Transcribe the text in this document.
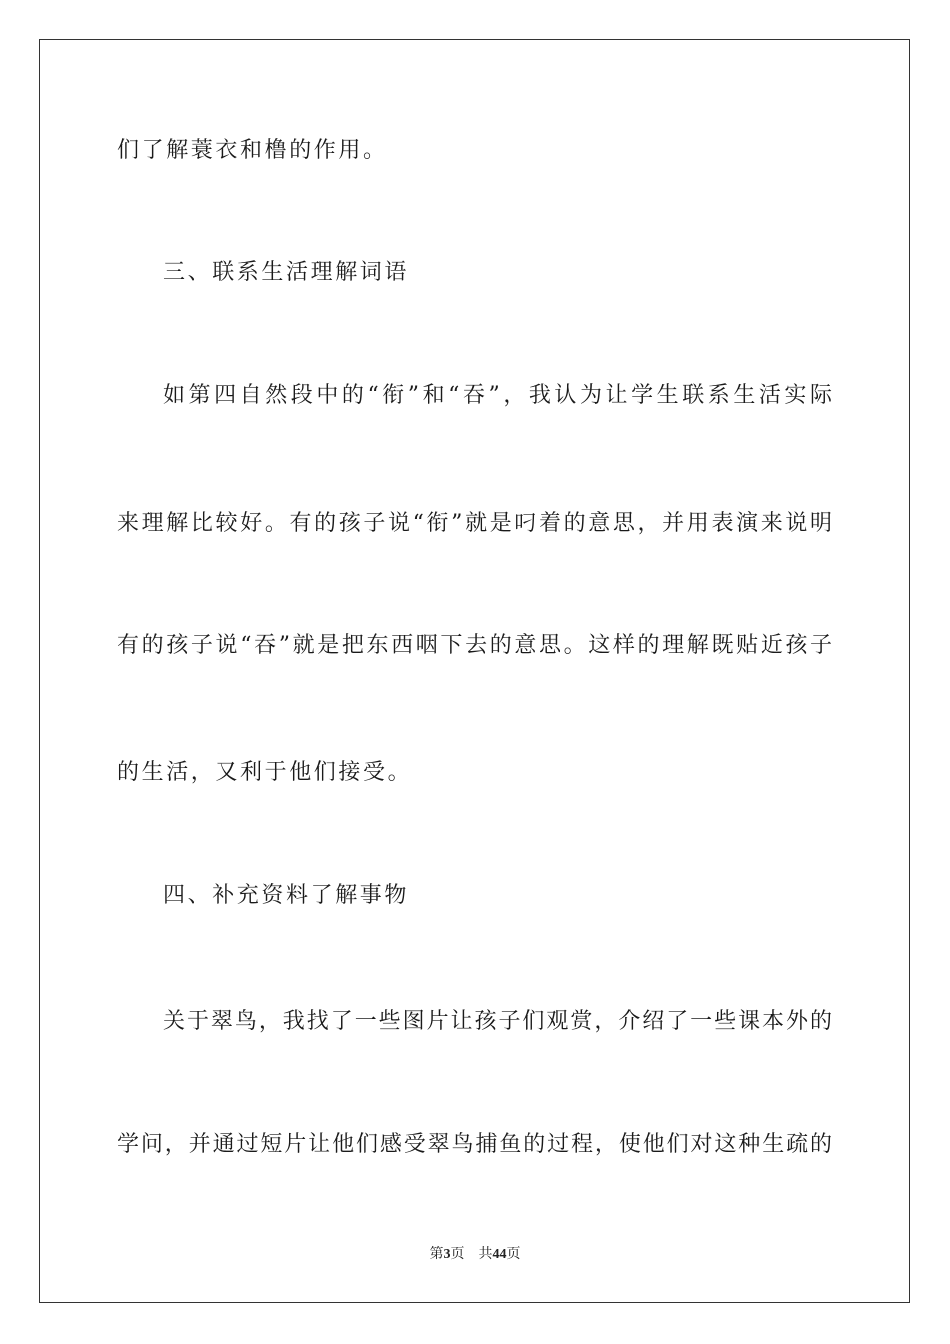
们了解蓑衣和橹的作用。
三、联系生活理解词语
如第四自然段中的“衔”和“吞”，我认为让学生联系生活实际
来理解比较好。有的孩子说“衔”就是叼着的意思，并用表演来说明
有的孩子说“吞”就是把东西咽下去的意思。这样的理解既贴近孩子
的生活，又利于他们接受。
四、补充资料了解事物
关于翠鸟，我找了一些图片让孩子们观赏，介绍了一些课本外的
学问，并通过短片让他们感受翠鸟捕鱼的过程，使他们对这种生疏的
第3页 共44页
